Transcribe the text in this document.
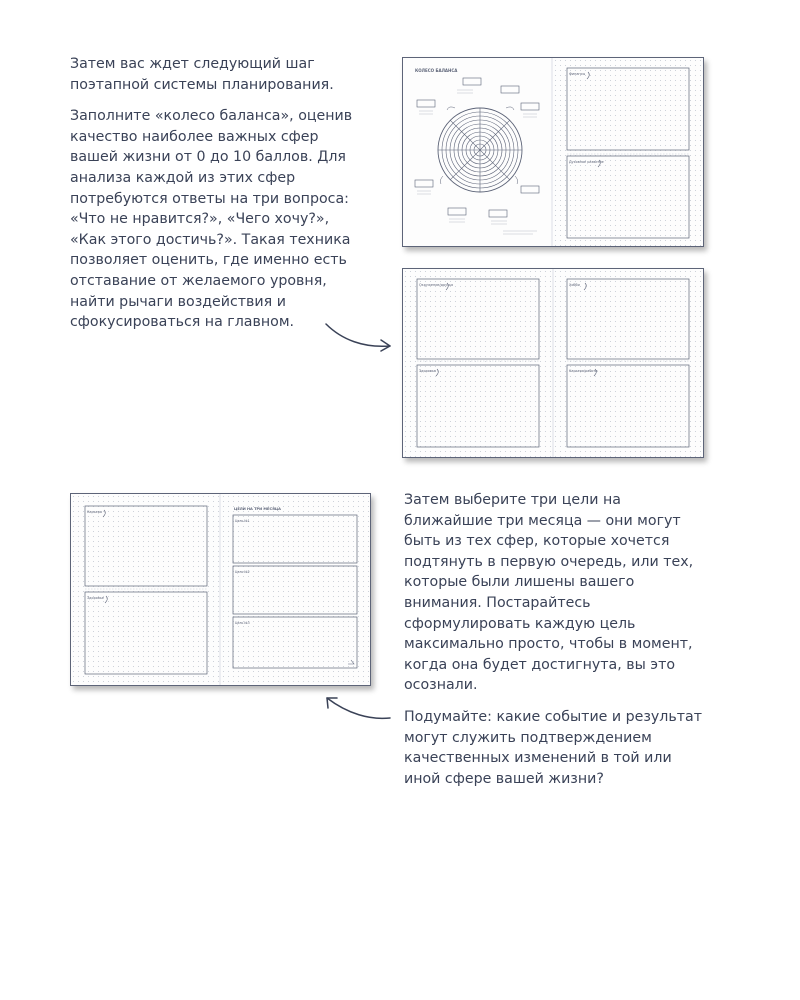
Затем вас ждет следующий шаг поэтапной системы планирования.

Заполните «колесо баланса», оценив качество наиболее важных сфер вашей жизни от 0 до 10 баллов. Для анализа каждой из этих сфер потребуются ответы на три вопроса: «Что не нравится?», «Чего хочу?», «Как этого достичь?». Такая техника позволяет оценить, где именно есть отставание от желаемого уровня, найти рычаги воздействия и сфокусироваться на главном.

КОЛЕСО БАЛАНСА
Финансы
Духовное развитие
Окружение/друзья	Хобби
Здоровье	Карьера/работа
Карьера
Здоровье
ЦЕЛИ НА ТРИ МЕСЯЦА
Цель №1
Цель №2
Цель №3

Затем выберите три цели на ближайшие три месяца — они могут быть из тех сфер, которые хочется подтянуть в первую очередь, или тех, которые были лишены вашего внимания. Постарайтесь сформулировать каждую цель максимально просто, чтобы в момент, когда она будет достигнута, вы это осознали.

Подумайте: какие событие и результат могут служить подтверждением качественных изменений в той или иной сфере вашей жизни?
